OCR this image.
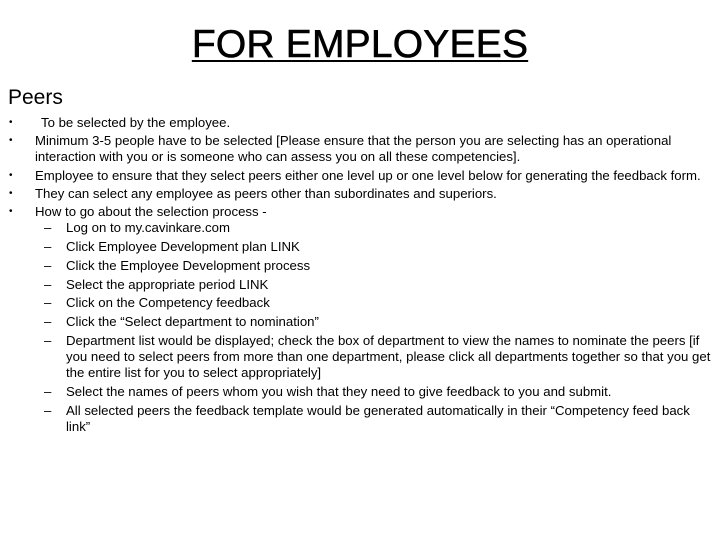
FOR EMPLOYEES
Peers
• To be selected by the employee.
• Minimum 3-5 people have to be selected [Please ensure that the person you are selecting has an operational interaction with you or is someone who can assess you on all these competencies].
• Employee to ensure that they select peers either one level up or one level below for generating the feedback form.
• They can select any employee as peers other than subordinates and superiors.
• How to go about the selection process -
– Log on to my.cavinkare.com
– Click Employee Development plan LINK
– Click the Employee Development process
– Select the appropriate period LINK
– Click on the Competency feedback
– Click the “Select department to nomination”
– Department list would be displayed; check the box of department to view the names to nominate the peers [if you need to select peers from more than one department, please click all departments together so that you get the entire list for you to select appropriately]
– Select the names of peers whom you wish that they need to give feedback to you and submit.
– All selected peers the feedback template would be generated automatically in their “Competency feed back link”
